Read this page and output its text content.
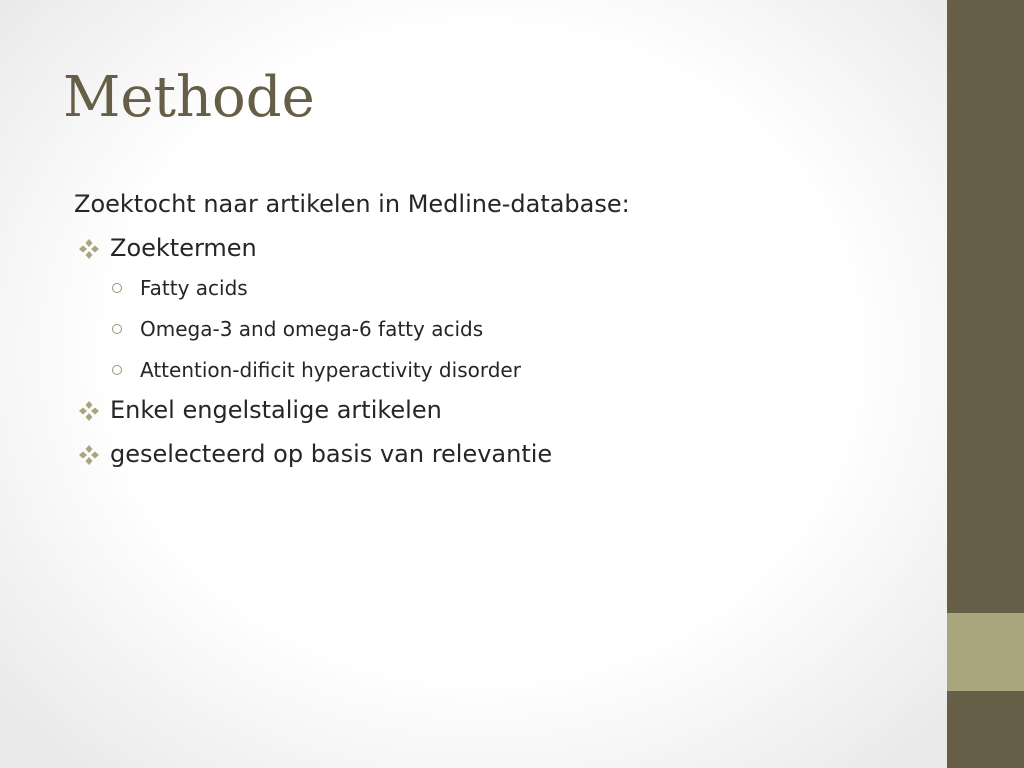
Methode
Zoektocht naar artikelen in Medline-database:
Zoektermen
Fatty acids
Omega-3 and omega-6 fatty acids
Attention-dificit hyperactivity disorder
Enkel engelstalige artikelen
geselecteerd op basis van relevantie
